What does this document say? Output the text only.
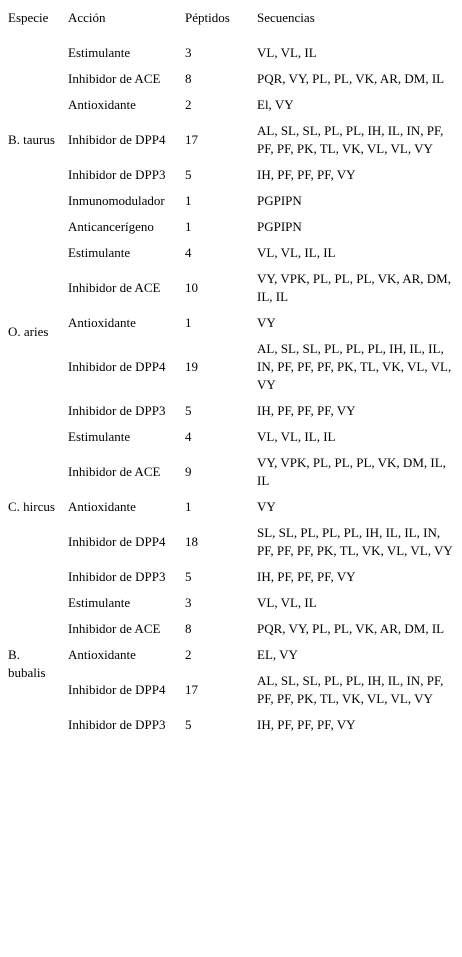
Especie	Acción	Péptidos	Secuencias
B. taurus	Estimulante	3	VL, VL, IL
	Inhibidor de ACE	8	PQR, VY, PL, PL, VK, AR, DM, IL
	Antioxidante	2	El, VY
	Inhibidor de DPP4	17	AL, SL, SL, PL, PL, IH, IL, IN, PF, PF, PF, PK, TL, VK, VL, VL, VY
	Inhibidor de DPP3	5	IH, PF, PF, PF, VY
	Inmunomodulador	1	PGPIPN
	Anticancerígeno	1	PGPIPN
O. aries	Estimulante	4	VL, VL, IL, IL
	Inhibidor de ACE	10	VY, VPK, PL, PL, PL, VK, AR, DM, IL, IL
	Antioxidante	1	VY
	Inhibidor de DPP4	19	AL, SL, SL, PL, PL, PL, IH, IL, IL, IN, PF, PF, PF, PK, TL, VK, VL, VL, VY
	Inhibidor de DPP3	5	IH, PF, PF, PF, VY
C. hircus	Estimulante	4	VL, VL, IL, IL
	Inhibidor de ACE	9	VY, VPK, PL, PL, PL, VK, DM, IL, IL
	Antioxidante	1	VY
	Inhibidor de DPP4	18	SL, SL, PL, PL, PL, IH, IL, IL, IN, PF, PF, PF, PK, TL, VK, VL, VL, VY
	Inhibidor de DPP3	5	IH, PF, PF, PF, VY
B. bubalis	Estimulante	3	VL, VL, IL
	Inhibidor de ACE	8	PQR, VY, PL, PL, VK, AR, DM, IL
	Antioxidante	2	EL, VY
	Inhibidor de DPP4	17	AL, SL, SL, PL, PL, IH, IL, IN, PF, PF, PF, PK, TL, VK, VL, VL, VY
	Inhibidor de DPP3	5	IH, PF, PF, PF, VY
